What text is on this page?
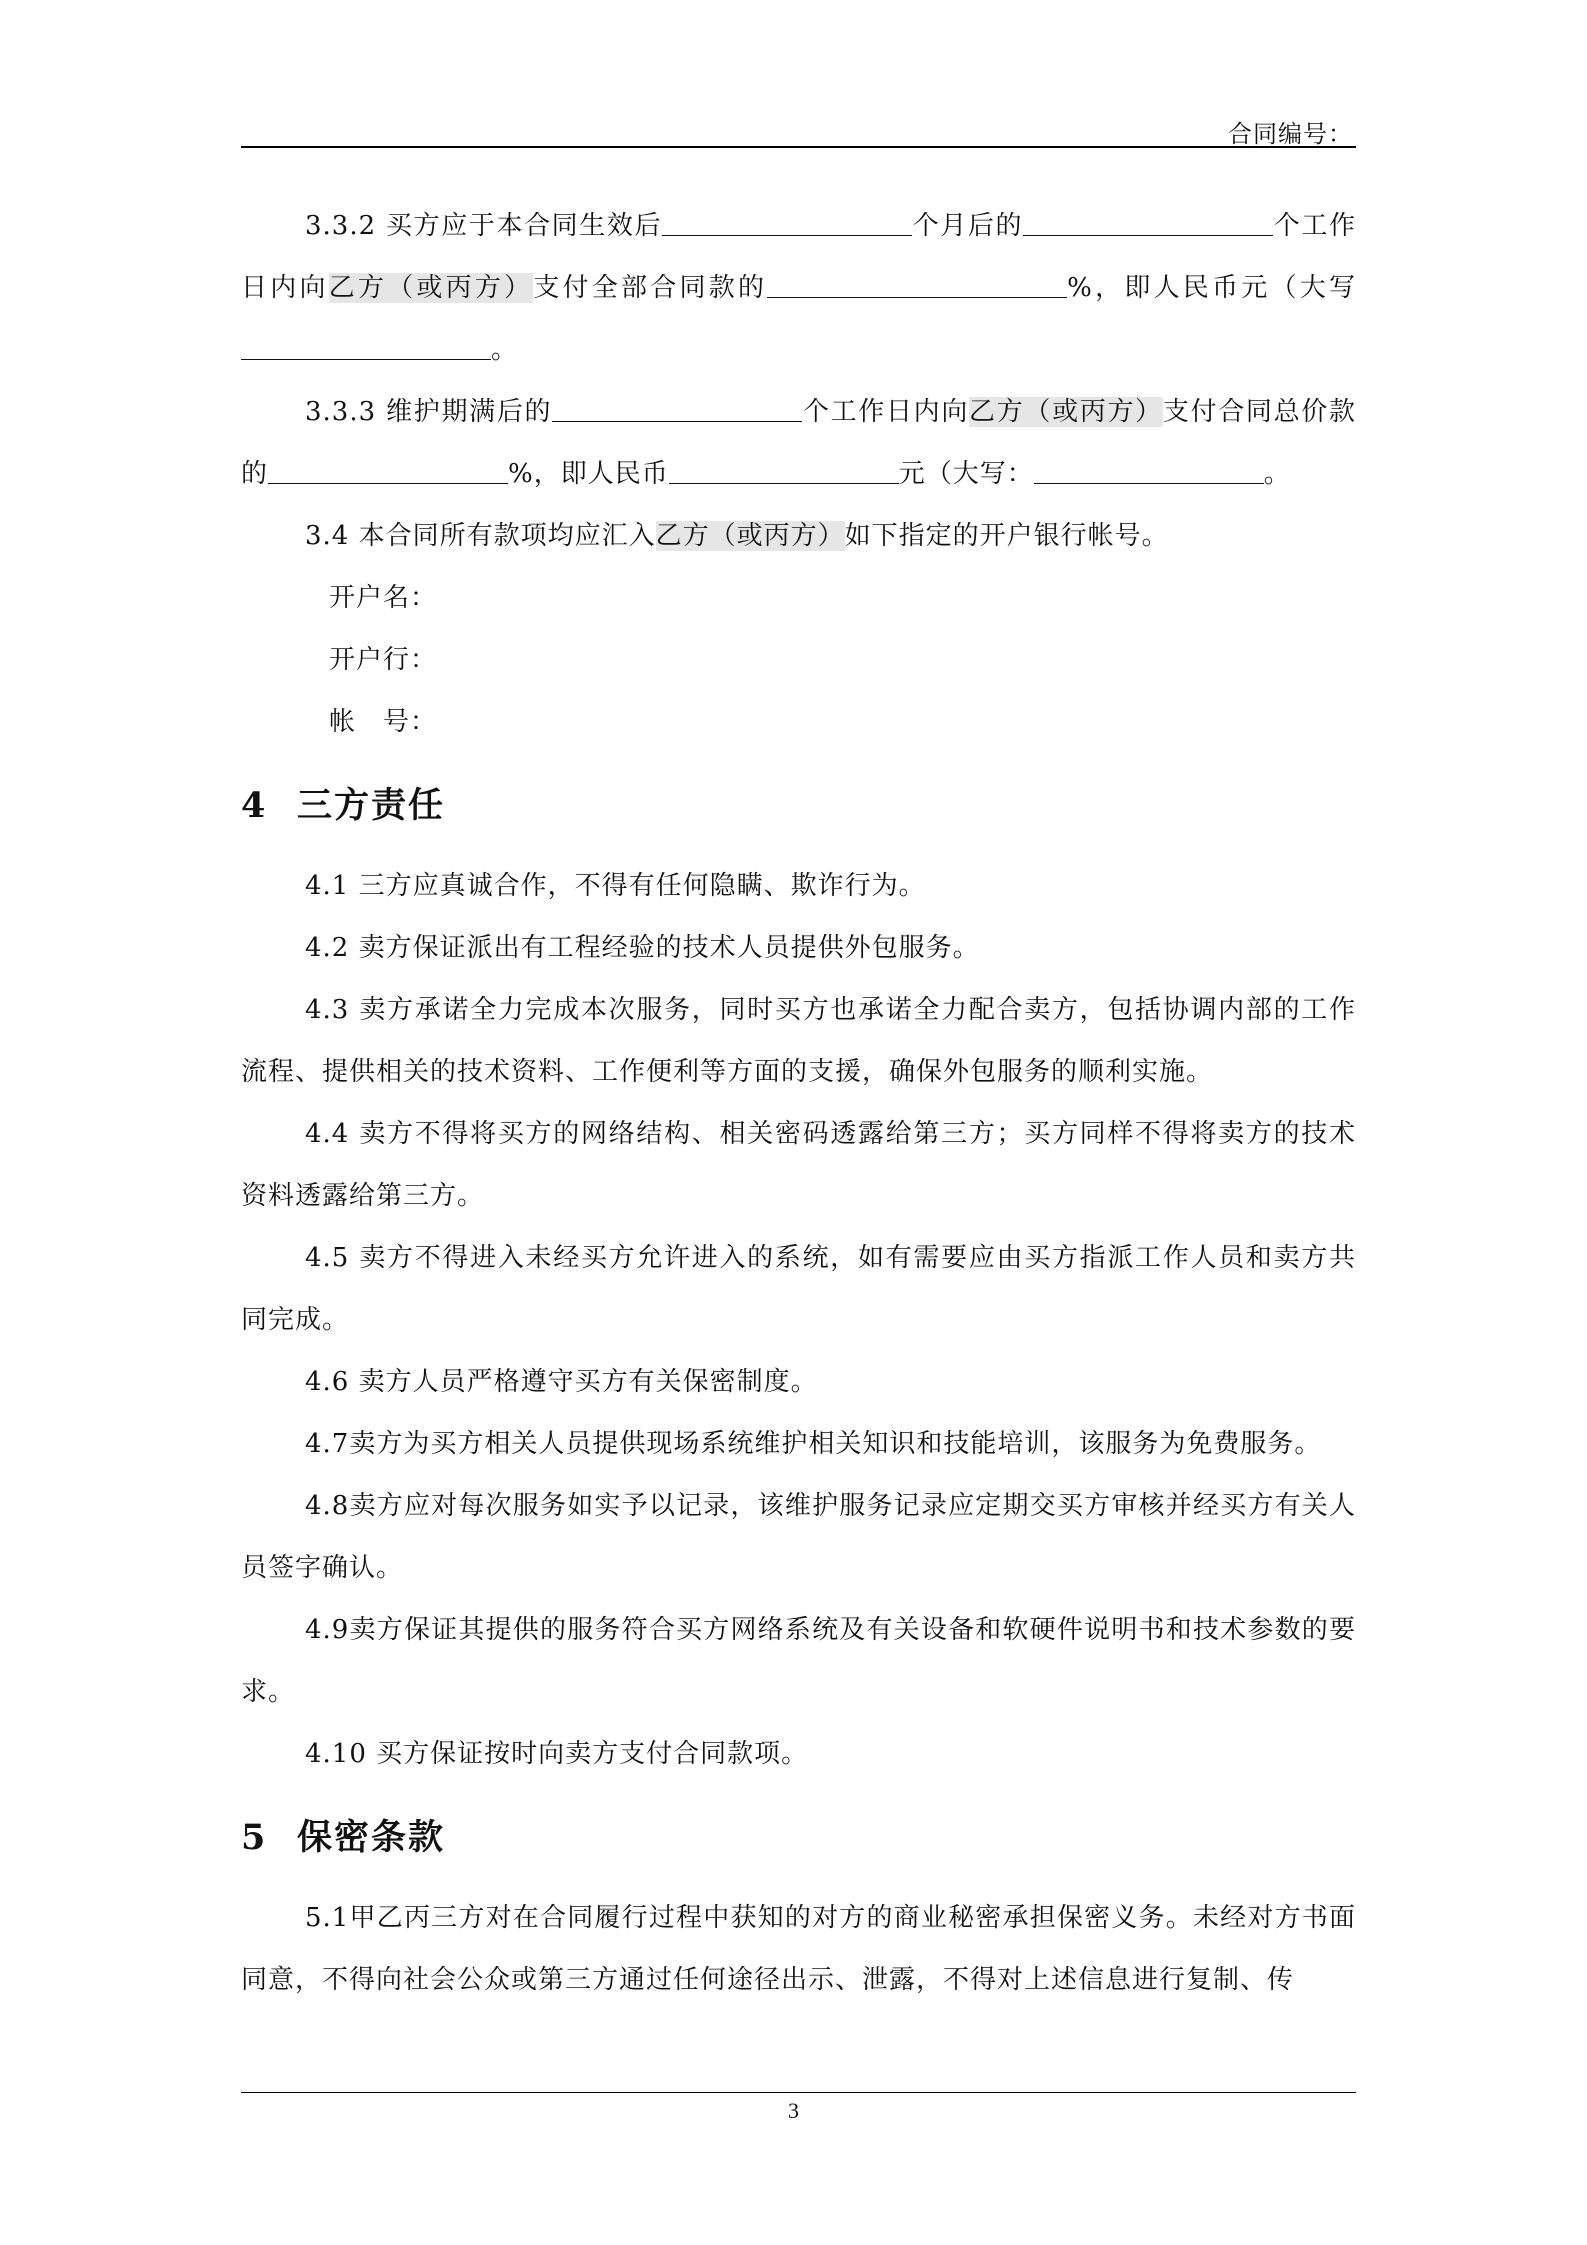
合同编号：

3.3.2 买方应于本合同生效后	个月后的	个工作日内向乙方（或丙方）支付全部合同款的	%，即人民币元（大写。

3.3.3 维护期满后的	个工作日内向乙方（或丙方）支付合同总价款的	%，即人民币	元（大写：	。

3.4 本合同所有款项均应汇入乙方（或丙方）如下指定的开户银行帐号。

开户名：

开户行：

帐　号：

4 三方责任

4.1 三方应真诚合作，不得有任何隐瞒、欺诈行为。

4.2 卖方保证派出有工程经验的技术人员提供外包服务。

4.3 卖方承诺全力完成本次服务，同时买方也承诺全力配合卖方，包括协调内部的工作流程、提供相关的技术资料、工作便利等方面的支援，确保外包服务的顺利实施。

4.4 卖方不得将买方的网络结构、相关密码透露给第三方；买方同样不得将卖方的技术资料透露给第三方。

4.5 卖方不得进入未经买方允许进入的系统，如有需要应由买方指派工作人员和卖方共同完成。

4.6 卖方人员严格遵守买方有关保密制度。

4.7卖方为买方相关人员提供现场系统维护相关知识和技能培训，该服务为免费服务。

4.8卖方应对每次服务如实予以记录，该维护服务记录应定期交买方审核并经买方有关人员签字确认。

4.9卖方保证其提供的服务符合买方网络系统及有关设备和软硬件说明书和技术参数的要求。

4.10 买方保证按时向卖方支付合同款项。

5 保密条款

5.1甲乙丙三方对在合同履行过程中获知的对方的商业秘密承担保密义务。未经对方书面同意，不得向社会公众或第三方通过任何途径出示、泄露，不得对上述信息进行复制、传

3
